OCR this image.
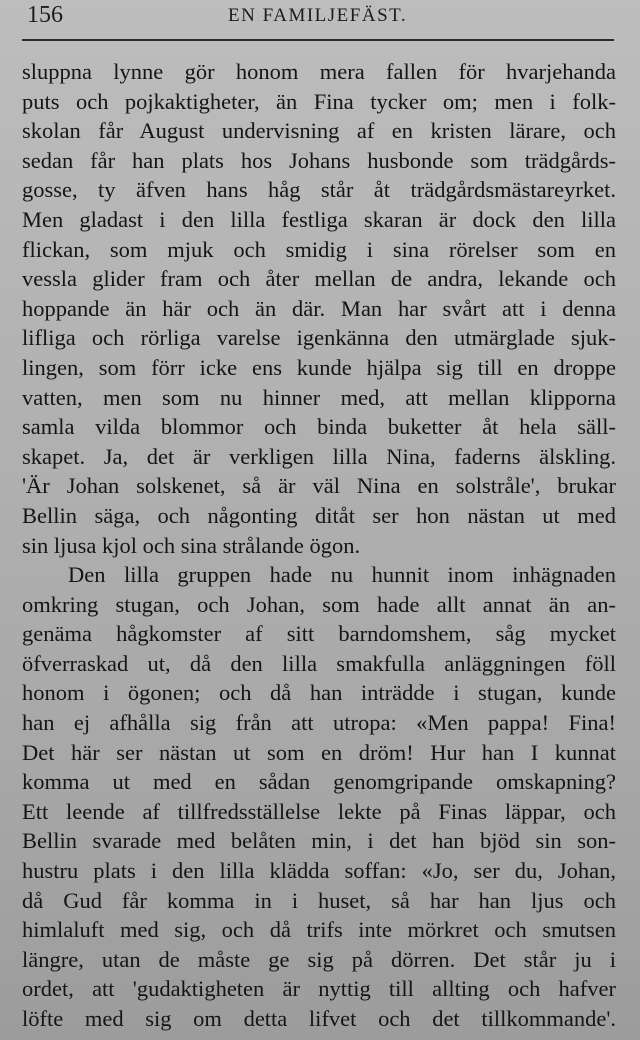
156	EN FAMILJEFÄST.
sluppna lynne gör honom mera fallen för hvarjehanda
puts och pojkaktigheter, än Fina tycker om; men i folk-
skolan får August undervisning af en kristen lärare, och
sedan får han plats hos Johans husbonde som trädgårds-
gosse, ty äfven hans håg står åt trädgårdsmästareyrket.
Men gladast i den lilla festliga skaran är dock den lilla
flickan, som mjuk och smidig i sina rörelser som en
vessla glider fram och åter mellan de andra, lekande och
hoppande än här och än där. Man har svårt att i denna
lifliga och rörliga varelse igenkänna den utmärglade sjuk-
lingen, som förr icke ens kunde hjälpa sig till en droppe
vatten, men som nu hinner med, att mellan klipporna
samla vilda blommor och binda buketter åt hela säll-
skapet. Ja, det är verkligen lilla Nina, faderns älskling.
'Är Johan solskenet, så är väl Nina en solstråle', brukar
Bellin säga, och någonting ditåt ser hon nästan ut med
sin ljusa kjol och sina strålande ögon.
Den lilla gruppen hade nu hunnit inom inhägnaden
omkring stugan, och Johan, som hade allt annat än an-
genäma hågkomster af sitt barndomshem, såg mycket
öfverraskad ut, då den lilla smakfulla anläggningen föll
honom i ögonen; och då han inträdde i stugan, kunde
han ej afhålla sig från att utropa: «Men pappa! Fina!
Det här ser nästan ut som en dröm! Hur han I kunnat
komma ut med en sådan genomgripande omskapning?
Ett leende af tillfredsställelse lekte på Finas läppar, och
Bellin svarade med belåten min, i det han bjöd sin son-
hustru plats i den lilla klädda soffan: «Jo, ser du, Johan,
då Gud får komma in i huset, så har han ljus och
himlaluft med sig, och då trifs inte mörkret och smutsen
längre, utan de måste ge sig på dörren. Det står ju i
ordet, att 'gudaktigheten är nyttig till allting och hafver
löfte med sig om detta lifvet och det tillkommande'.
